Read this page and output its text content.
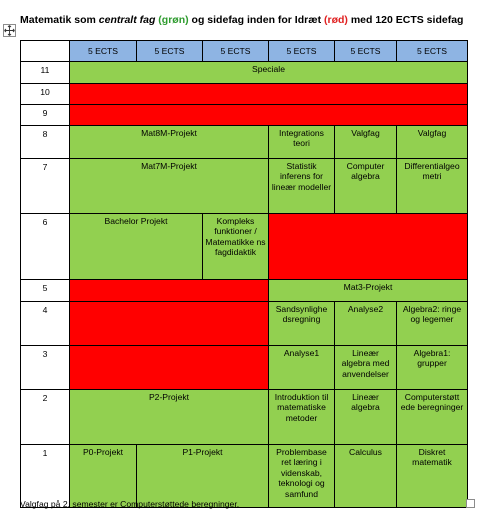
Matematik som centralt fag (grøn) og sidefag inden for Idræt (rød) med 120 ECTS sidefag
	5 ECTS	5 ECTS	5 ECTS	5 ECTS	5 ECTS	5 ECTS
11	Speciale					
10						
9						
8	Mat8M-Projekt			Integrations teori	Valgfag	Valgfag
7	Mat7M-Projekt			Statistik inferens for lineær modeller	Computer algebra	Differentialgeo metri
6	Bachelor Projekt		Kompleks funktioner / Matematikke ns fagdidaktik			
5				Mat3-Projekt		
4				Sandsynlighe dsregning	Analyse2	Algebra2: ringe og legemer
3				Analyse1	Lineær algebra med anvendelser	Algebra1: grupper
2	P2-Projekt			Introduktion til matematiske metoder	Lineær algebra	Computerstøtt ede beregninger
1	P0-Projekt	P1-Projekt		Problembase ret læring i videnskab, teknologi og samfund	Calculus	Diskret matematik
Valgfag på 2. semester er Computerstøttede beregninger.
